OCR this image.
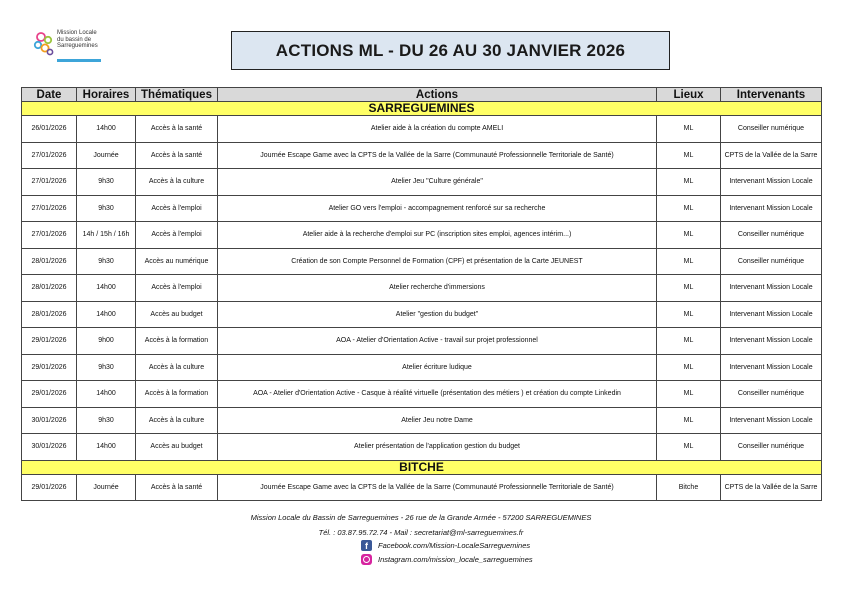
Mission Locale
du bassin de
Sarreguemines	ACTIONS ML - DU 26 AU 30 JANVIER 2026
Date	Horaires	Thématiques	Actions	Lieux	Intervenants
SARREGUEMINES					
26/01/2026	14h00	Accès à la santé	Atelier aide à la création du compte AMELI	ML	Conseiller numérique
27/01/2026	Journée	Accès à la santé	Journée Escape Game avec la CPTS de la Vallée de la Sarre (Communauté Professionnelle Territoriale de Santé)	ML	CPTS de la Vallée de la Sarre
27/01/2026	9h30	Accès à la culture	Atelier Jeu "Culture générale"	ML	Intervenant Mission Locale
27/01/2026	9h30	Accès à l'emploi	Atelier GO vers l'emploi - accompagnement renforcé sur sa recherche	ML	Intervenant Mission Locale
27/01/2026	14h / 15h / 16h	Accès à l'emploi	Atelier aide à la recherche d'emploi sur PC (inscription sites emploi, agences intérim...)	ML	Conseiller numérique
28/01/2026	9h30	Accès au numérique	Création de son Compte Personnel de Formation (CPF) et présentation de la Carte JEUNEST	ML	Conseiller numérique
28/01/2026	14h00	Accès à l'emploi	Atelier recherche d'immersions	ML	Intervenant Mission Locale
28/01/2026	14h00	Accès au budget	Atelier "gestion du budget"	ML	Intervenant Mission Locale
29/01/2026	9h00	Accès à la formation	AOA - Atelier d'Orientation Active - travail sur projet professionnel	ML	Intervenant Mission Locale
29/01/2026	9h30	Accès à la culture	Atelier écriture ludique	ML	Intervenant Mission Locale
29/01/2026	14h00	Accès à la formation	AOA - Atelier d'Orientation Active - Casque à réalité virtuelle (présentation des métiers ) et création du compte Linkedin	ML	Conseiller numérique
30/01/2026	9h30	Accès à la culture	Atelier Jeu notre Dame	ML	Intervenant Mission Locale
30/01/2026	14h00	Accès au budget	Atelier présentation de l'application gestion du budget	ML	Conseiller numérique
BITCHE					
29/01/2026	Journée	Accès à la santé	Journée Escape Game avec la CPTS de la Vallée de la Sarre (Communauté Professionnelle Territoriale de Santé)	Bitche	CPTS de la Vallée de la Sarre
Mission Locale du Bassin de Sarreguemines - 26 rue de la Grande Armée - 57200 SARREGUEMINES
Tél. : 03.87.95.72.74 - Mail : secretariat@ml-sarreguemines.fr
f	Facebook.com/Mission-LocaleSarreguemines
Instagram.com/mission_locale_sarreguemines
